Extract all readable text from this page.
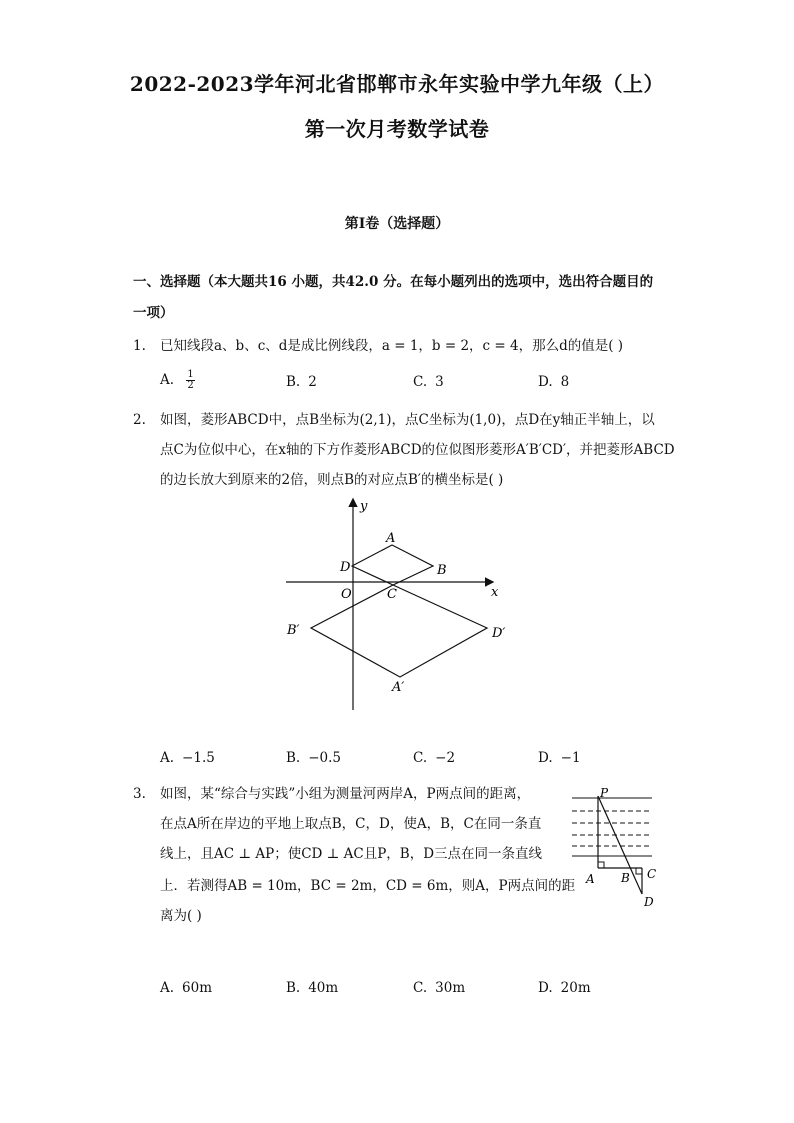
2022-2023学年河北省邯郸市永年实验中学九年级（上）
第一次月考数学试卷
第I卷（选择题）
一、选择题（本大题共16 小题，共42.0 分。在每小题列出的选项中，选出符合题目的
一项）
1. 已知线段a、b、c、d是成比例线段，a = 1，b = 2，c = 4，那么d的值是( )
A. $\frac{1}{2}$	B. 2	C. 3	D. 8
2. 如图，菱形ABCD中，点B坐标为(2,1)，点C坐标为(1,0)，点D在y轴正半轴上，以
点C为位似中心，在x轴的下方作菱形ABCD的位似图形菱形A′B′CD′，并把菱形ABCD
的边长放大到原来的2倍，则点B的对应点B′的横坐标是( )
y
x
A
B
C
D
O
B′	D′
A′
A. −1.5	B. −0.5	C. −2	D. −1
3. 如图，某“综合与实践”小组为测量河两岸A，P两点间的距离，
在点A所在岸边的平地上取点B，C，D，使A，B，C在同一条直
线上，且AC ⊥ AP；使CD ⊥ AC且P，B，D三点在同一条直线
上．若测得AB = 10m，BC = 2m，CD = 6m，则A，P两点间的距
离为( )
P
A B C
D
A. 60m	B. 40m	C. 30m	D. 20m
